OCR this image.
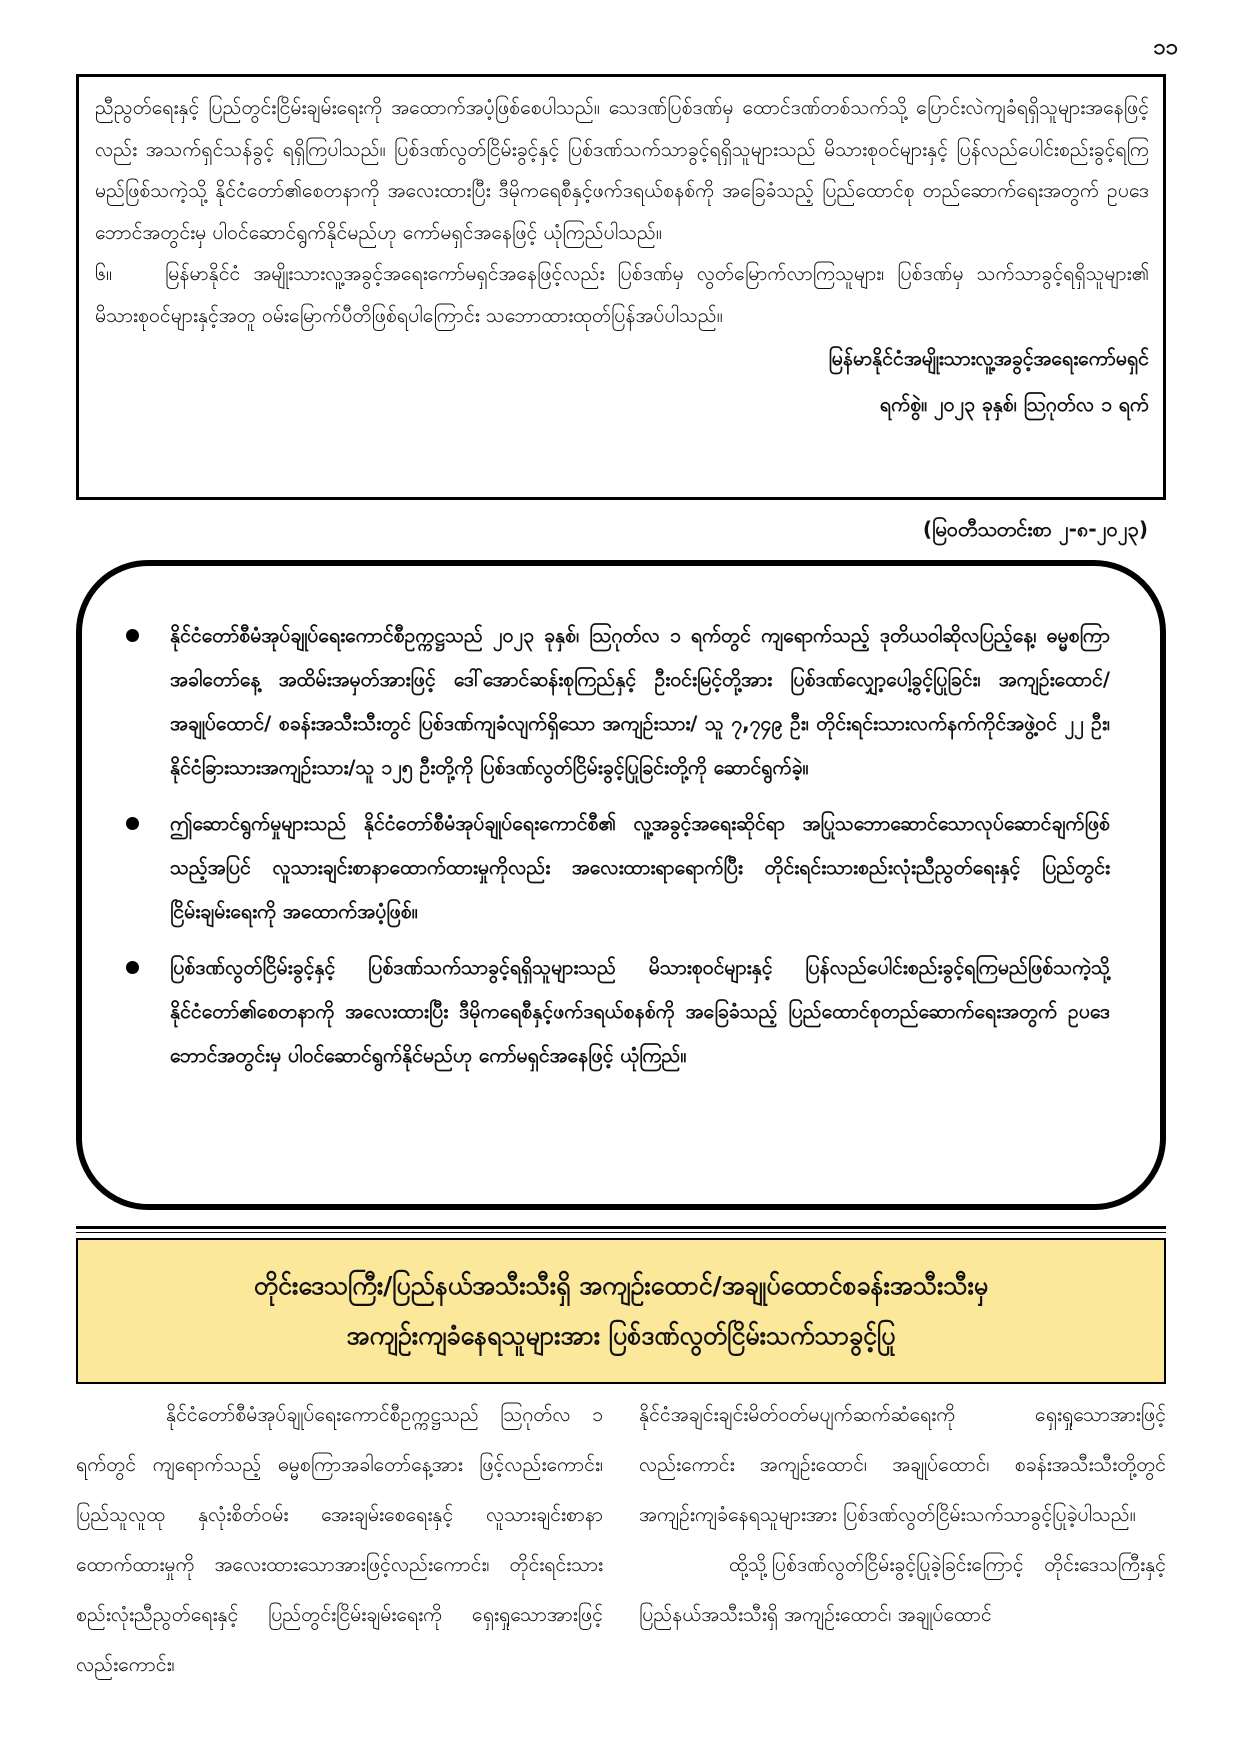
၁၁

ညီညွတ်ရေးနှင့် ပြည်တွင်းငြိမ်းချမ်းရေးကို အထောက်အပံ့ဖြစ်စေပါသည်။ သေဒဏ်ပြစ်ဒဏ်မှ ထောင်ဒဏ်တစ်သက်သို့ ပြောင်းလဲကျခံရရှိသူများအနေဖြင့်လည်း အသက်ရှင်သန်ခွင့် ရရှိကြပါသည်။ ပြစ်ဒဏ်လွတ်ငြိမ်းခွင့်နှင့် ပြစ်ဒဏ်သက်သာခွင့်ရရှိသူများသည် မိသားစုဝင်များနှင့် ပြန်လည်ပေါင်းစည်းခွင့်ရကြမည်ဖြစ်သကဲ့သို့ နိုင်ငံတော်၏စေတနာကို အလေးထားပြီး ဒီမိုကရေစီနှင့်ဖက်ဒရယ်စနစ်ကို အခြေခံသည့် ပြည်ထောင်စု တည်ဆောက်ရေးအတွက် ဥပဒေဘောင်အတွင်းမှ ပါဝင်ဆောင်ရွက်နိုင်မည်ဟု ကော်မရှင်အနေဖြင့် ယုံကြည်ပါသည်။

၆။	မြန်မာနိုင်ငံ အမျိုးသားလူ့အခွင့်အရေးကော်မရှင်အနေဖြင့်လည်း ပြစ်ဒဏ်မှ လွတ်မြောက်လာကြသူများ၊ ပြစ်ဒဏ်မှ သက်သာခွင့်ရရှိသူများ၏ မိသားစုဝင်များနှင့်အတူ ဝမ်းမြောက်ပီတိဖြစ်ရပါကြောင်း သဘောထားထုတ်ပြန်အပ်ပါသည်။

မြန်မာနိုင်ငံအမျိုးသားလူ့အခွင့်အရေးကော်မရှင်

ရက်စွဲ။ ၂၀၂၃ ခုနှစ်၊ ဩဂုတ်လ ၁ ရက်

(မြဝတီသတင်းစာ ၂-၈-၂၀၂၃)
နိုင်ငံတော်စီမံအုပ်ချုပ်ရေးကောင်စီဥက္ကဋ္ဌသည် ၂၀၂၃ ခုနှစ်၊ ဩဂုတ်လ ၁ ရက်တွင် ကျရောက်သည့် ဒုတိယဝါဆိုလပြည့်နေ့၊ ဓမ္မစကြာအခါတော်နေ့ အထိမ်းအမှတ်အားဖြင့် ဒေါ်အောင်ဆန်းစုကြည်နှင့် ဦးဝင်းမြင့်တို့အား ပြစ်ဒဏ်လျှော့ပေါ့ခွင့်ပြုခြင်း၊ အကျဉ်းထောင်/ အချုပ်ထောင်/ စခန်းအသီးသီးတွင် ပြစ်ဒဏ်ကျခံလျက်ရှိသော အကျဉ်းသား/ သူ ၇,၇၄၉ ဦး၊ တိုင်းရင်းသားလက်နက်ကိုင်အဖွဲ့ဝင် ၂၂ ဦး၊ နိုင်ငံခြားသားအကျဉ်းသား/သူ ၁၂၅ ဦးတို့ကို ပြစ်ဒဏ်လွတ်ငြိမ်းခွင့်ပြုခြင်းတို့ကို ဆောင်ရွက်ခဲ့။
ဤဆောင်ရွက်မှုများသည် နိုင်ငံတော်စီမံအုပ်ချုပ်ရေးကောင်စီ၏ လူ့အခွင့်အရေးဆိုင်ရာ အပြုသဘောဆောင်သောလုပ်ဆောင်ချက်ဖြစ်သည့်အပြင် လူသားချင်းစာနာထောက်ထားမှုကိုလည်း အလေးထားရာရောက်ပြီး တိုင်းရင်းသားစည်းလုံးညီညွတ်ရေးနှင့် ပြည်တွင်းငြိမ်းချမ်းရေးကို အထောက်အပံ့ဖြစ်။
ပြစ်ဒဏ်လွတ်ငြိမ်းခွင့်နှင့် ပြစ်ဒဏ်သက်သာခွင့်ရရှိသူများသည် မိသားစုဝင်များနှင့် ပြန်လည်ပေါင်းစည်းခွင့်ရကြမည်ဖြစ်သကဲ့သို့ နိုင်ငံတော်၏စေတနာကို အလေးထားပြီး ဒီမိုကရေစီနှင့်ဖက်ဒရယ်စနစ်ကို အခြေခံသည့် ပြည်ထောင်စုတည်ဆောက်ရေးအတွက် ဥပဒေဘောင်အတွင်းမှ ပါဝင်ဆောင်ရွက်နိုင်မည်ဟု ကော်မရှင်အနေဖြင့် ယုံကြည်။
တိုင်းဒေသကြီး/ပြည်နယ်အသီးသီးရှိ အကျဉ်းထောင်/အချုပ်ထောင်စခန်းအသီးသီးမှ
အကျဉ်းကျခံနေရသူများအား ပြစ်ဒဏ်လွတ်ငြိမ်းသက်သာခွင့်ပြု

နိုင်ငံတော်စီမံအုပ်ချုပ်ရေးကောင်စီဥက္ကဋ္ဌသည် ဩဂုတ်လ ၁ ရက်တွင် ကျရောက်သည့် ဓမ္မစကြာအခါတော်နေ့အား ဖြင့်လည်းကောင်း၊ ပြည်သူလူထု နှလုံးစိတ်ဝမ်း အေးချမ်းစေရေးနှင့် လူသားချင်းစာနာထောက်ထားမှုကို အလေးထားသောအားဖြင့်လည်းကောင်း၊ တိုင်းရင်းသားစည်းလုံးညီညွတ်ရေးနှင့် ပြည်တွင်းငြိမ်းချမ်းရေးကို ရှေးရှုသောအားဖြင့်လည်းကောင်း၊

နိုင်ငံအချင်းချင်းမိတ်ဝတ်မပျက်ဆက်ဆံရေးကို ရှေးရှုသောအားဖြင့်လည်းကောင်း အကျဉ်းထောင်၊ အချုပ်ထောင်၊ စခန်းအသီးသီးတို့တွင် အကျဉ်းကျခံနေရသူများအား ပြစ်ဒဏ်လွတ်ငြိမ်းသက်သာခွင့်ပြုခဲ့ပါသည်။

ထို့သို့ပြစ်ဒဏ်လွတ်ငြိမ်းခွင့်ပြုခဲ့ခြင်းကြောင့် တိုင်းဒေသကြီးနှင့် ပြည်နယ်အသီးသီးရှိ အကျဉ်းထောင်၊ အချုပ်ထောင်
